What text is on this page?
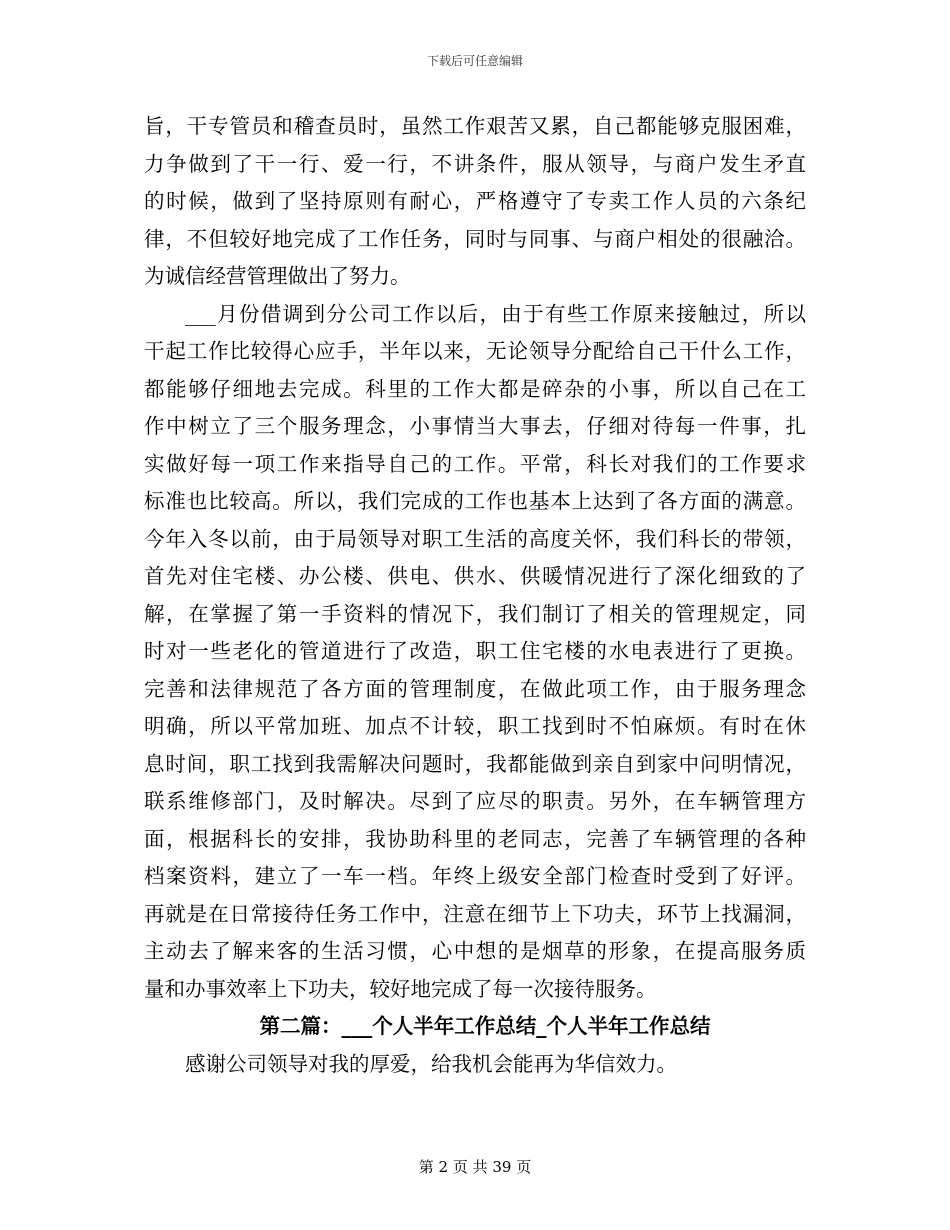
下载后可任意编辑
旨，干专管员和稽查员时，虽然工作艰苦又累，自己都能够克服困难，
力争做到了干一行、爱一行，不讲条件，服从领导，与商户发生矛直
的时候，做到了坚持原则有耐心，严格遵守了专卖工作人员的六条纪
律，不但较好地完成了工作任务，同时与同事、与商户相处的很融洽。
为诚信经营管理做出了努力。
___月份借调到分公司工作以后，由于有些工作原来接触过，所以
干起工作比较得心应手，半年以来，无论领导分配给自己干什么工作，
都能够仔细地去完成。科里的工作大都是碎杂的小事，所以自己在工
作中树立了三个服务理念，小事情当大事去，仔细对待每一件事，扎
实做好每一项工作来指导自己的工作。平常，科长对我们的工作要求
标准也比较高。所以，我们完成的工作也基本上达到了各方面的满意。
今年入冬以前，由于局领导对职工生活的高度关怀，我们科长的带领，
首先对住宅楼、办公楼、供电、供水、供暖情况进行了深化细致的了
解，在掌握了第一手资料的情况下，我们制订了相关的管理规定，同
时对一些老化的管道进行了改造，职工住宅楼的水电表进行了更换。
完善和法律规范了各方面的管理制度，在做此项工作，由于服务理念
明确，所以平常加班、加点不计较，职工找到时不怕麻烦。有时在休
息时间，职工找到我需解决问题时，我都能做到亲自到家中问明情况，
联系维修部门，及时解决。尽到了应尽的职责。另外，在车辆管理方
面，根据科长的安排，我协助科里的老同志，完善了车辆管理的各种
档案资料，建立了一车一档。年终上级安全部门检查时受到了好评。
再就是在日常接待任务工作中，注意在细节上下功夫，环节上找漏洞，
主动去了解来客的生活习惯，心中想的是烟草的形象，在提高服务质
量和办事效率上下功夫，较好地完成了每一次接待服务。
第二篇：___个人半年工作总结_个人半年工作总结
感谢公司领导对我的厚爱，给我机会能再为华信效力。
第 2 页 共 39 页
